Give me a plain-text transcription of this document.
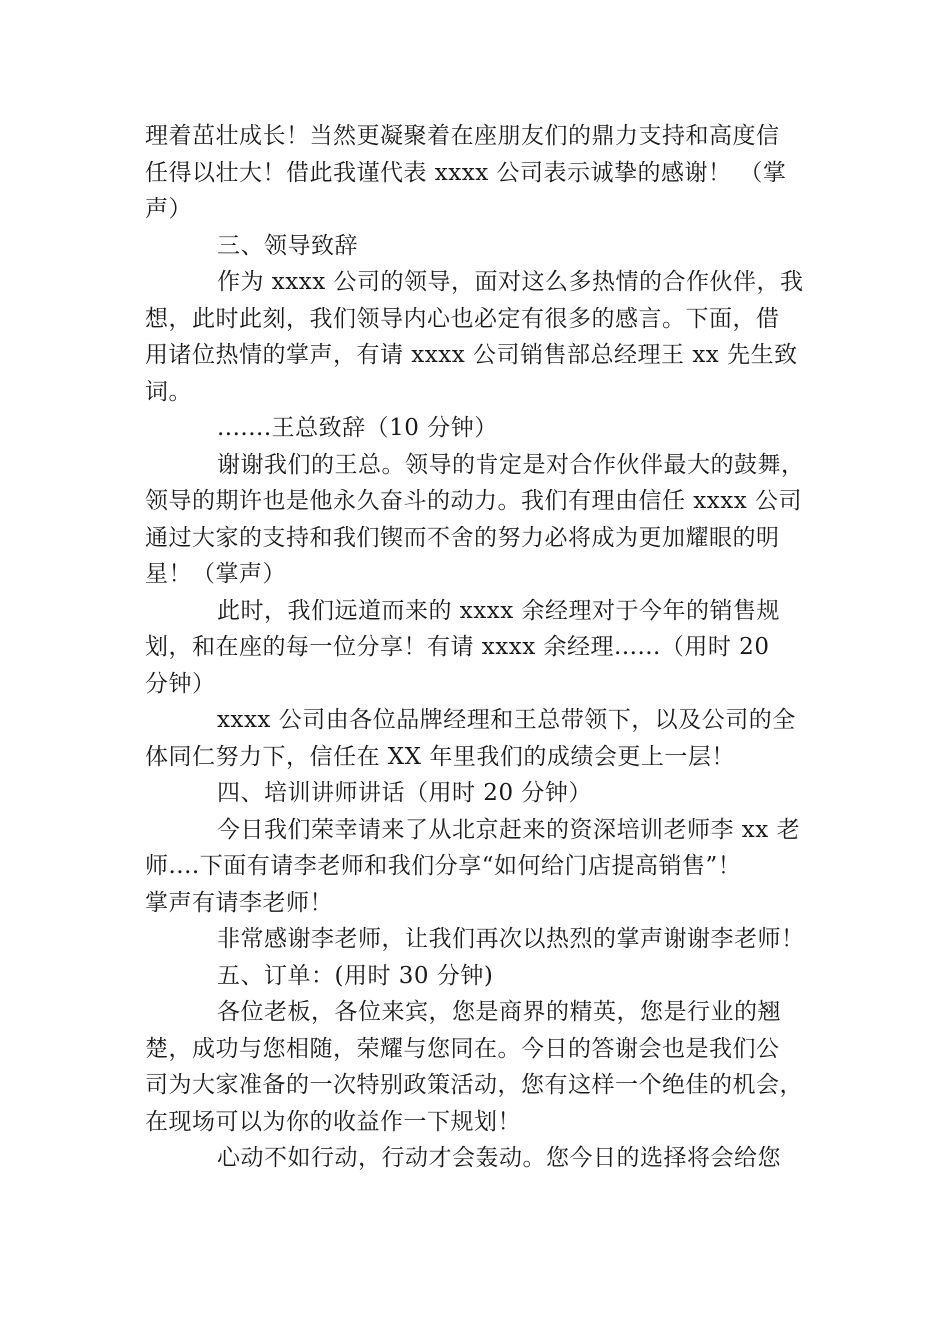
理着茁壮成长！当然更凝聚着在座朋友们的鼎力支持和高度信
任得以壮大！借此我谨代表 xxxx 公司表示诚挚的感谢！ （掌
声）
三、领导致辞
作为 xxxx 公司的领导，面对这么多热情的合作伙伴，我
想，此时此刻，我们领导内心也必定有很多的感言。下面，借
用诸位热情的掌声，有请 xxxx 公司销售部总经理王 xx 先生致
词。
.......王总致辞（10 分钟）
谢谢我们的王总。领导的肯定是对合作伙伴最大的鼓舞，
领导的期许也是他永久奋斗的动力。我们有理由信任 xxxx 公司
通过大家的支持和我们锲而不舍的努力必将成为更加耀眼的明
星！（掌声）
此时，我们远道而来的 xxxx 余经理对于今年的销售规
划，和在座的每一位分享！有请 xxxx 余经理......（用时 20
分钟）
xxxx 公司由各位品牌经理和王总带领下，以及公司的全
体同仁努力下，信任在 XX 年里我们的成绩会更上一层！
四、培训讲师讲话（用时 20 分钟）
今日我们荣幸请来了从北京赶来的资深培训老师李 xx 老
师....下面有请李老师和我们分享“如何给门店提高销售”！
掌声有请李老师！
非常感谢李老师，让我们再次以热烈的掌声谢谢李老师！
五、订单：(用时 30 分钟)
各位老板，各位来宾，您是商界的精英，您是行业的翘
楚，成功与您相随，荣耀与您同在。今日的答谢会也是我们公
司为大家准备的一次特别政策活动，您有这样一个绝佳的机会，
在现场可以为你的收益作一下规划！
心动不如行动，行动才会轰动。您今日的选择将会给您
